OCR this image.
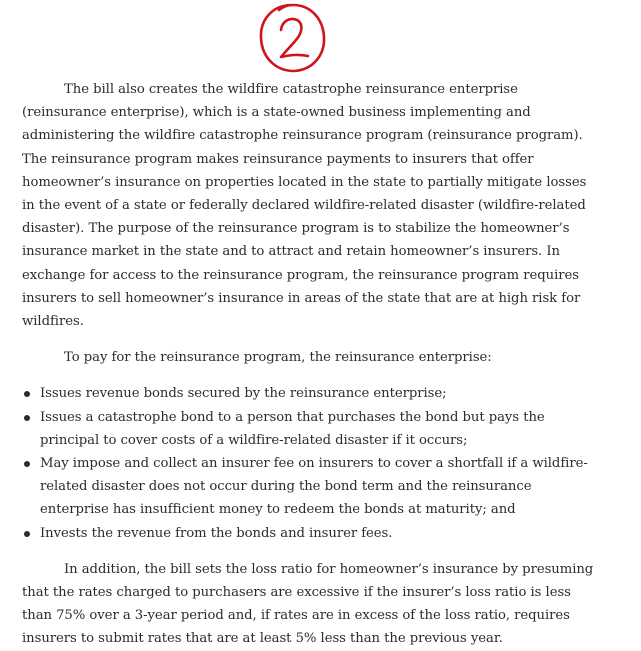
The bill also creates the wildfire catastrophe reinsurance enterprise (reinsurance enterprise), which is a state-owned business implementing and administering the wildfire catastrophe reinsurance program (reinsurance program). The reinsurance program makes reinsurance payments to insurers that offer homeowner’s insurance on properties located in the state to partially mitigate losses in the event of a state or federally declared wildfire-related disaster (wildfire-related disaster). The purpose of the reinsurance program is to stabilize the homeowner’s insurance market in the state and to attract and retain homeowner’s insurers. In exchange for access to the reinsurance program, the reinsurance program requires insurers to sell homeowner’s insurance in areas of the state that are at high risk for wildfires.

To pay for the reinsurance program, the reinsurance enterprise:

Issues revenue bonds secured by the reinsurance enterprise;
Issues a catastrophe bond to a person that purchases the bond but pays the principal to cover costs of a wildfire-related disaster if it occurs;
May impose and collect an insurer fee on insurers to cover a shortfall if a wildfire-related disaster does not occur during the bond term and the reinsurance enterprise has insufficient money to redeem the bonds at maturity; and
Invests the revenue from the bonds and insurer fees.

In addition, the bill sets the loss ratio for homeowner’s insurance by presuming that the rates charged to purchasers are excessive if the insurer’s loss ratio is less than 75% over a 3-year period and, if rates are in excess of the loss ratio, requires insurers to submit rates that are at least 5% less than the previous year.
